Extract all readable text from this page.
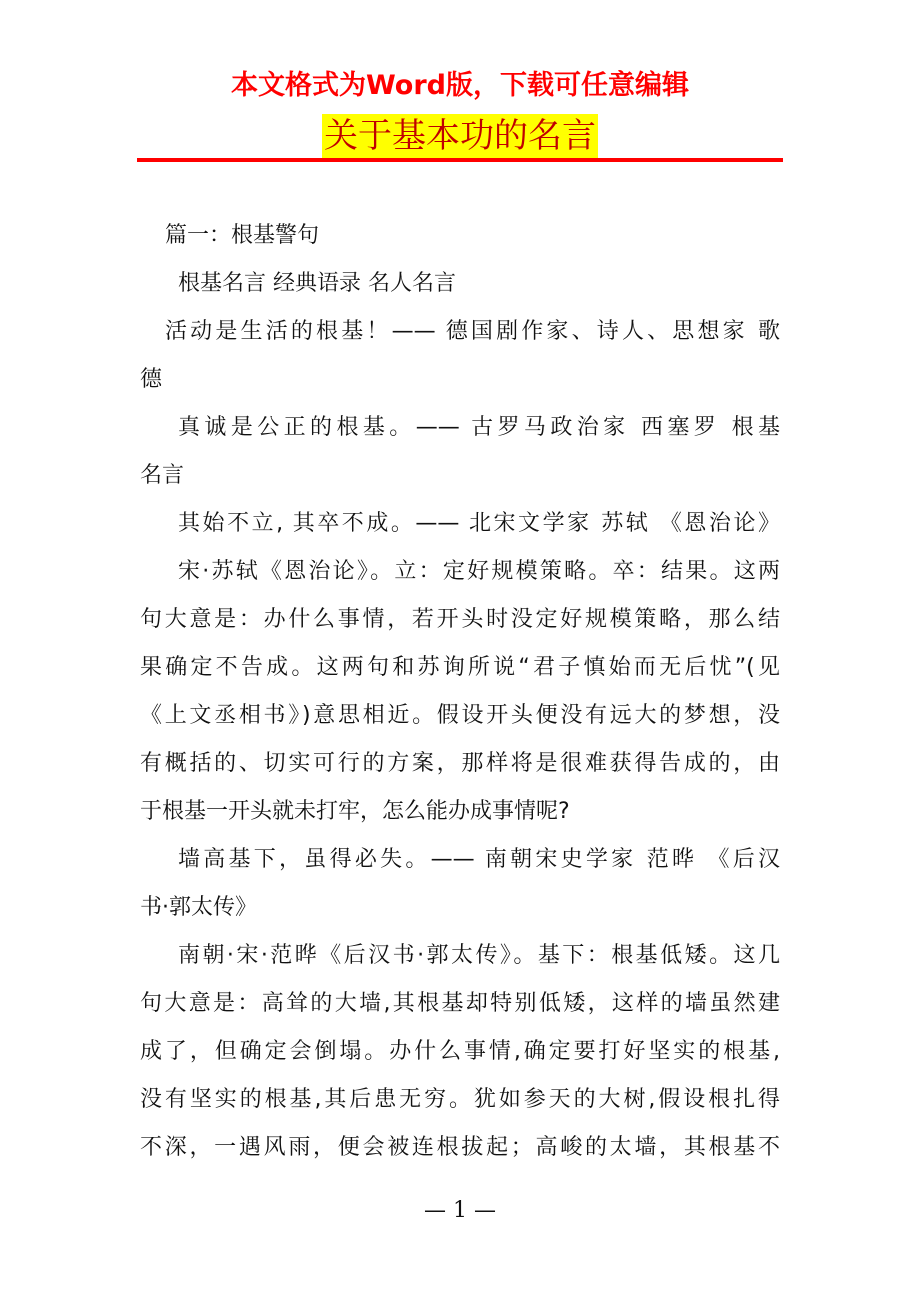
本文格式为Word版，下载可任意编辑
关于基本功的名言
篇一：根基警句
根基名言 经典语录 名人名言
活动是生活的根基！—— 德国剧作家、诗人、思想家 歌
德
真诚是公正的根基。—— 古罗马政治家 西塞罗 根基
名言
其始不立, 其卒不成。—— 北宋文学家 苏轼 《恩治论》
宋·苏轼《恩治论》。立：定好规模策略。卒：结果。这两
句大意是：办什么事情，若开头时没定好规模策略，那么结
果确定不告成。这两句和苏询所说“君子慎始而无后忧”(见
《上文丞相书》)意思相近。假设开头便没有远大的梦想，没
有概括的、切实可行的方案，那样将是很难获得告成的，由
于根基一开头就未打牢，怎么能办成事情呢?
墙高基下，虽得必失。—— 南朝宋史学家 范晔 《后汉
书·郭太传》
南朝·宋·范晔《后汉书·郭太传》。基下：根基低矮。这几
句大意是：高耸的大墙,其根基却特别低矮，这样的墙虽然建
成了，但确定会倒塌。办什么事情,确定要打好坚实的根基,
没有坚实的根基,其后患无穷。犹如参天的大树,假设根扎得
不深，一遇风雨，便会被连根拔起；高峻的太墙，其根基不
— 1 —
